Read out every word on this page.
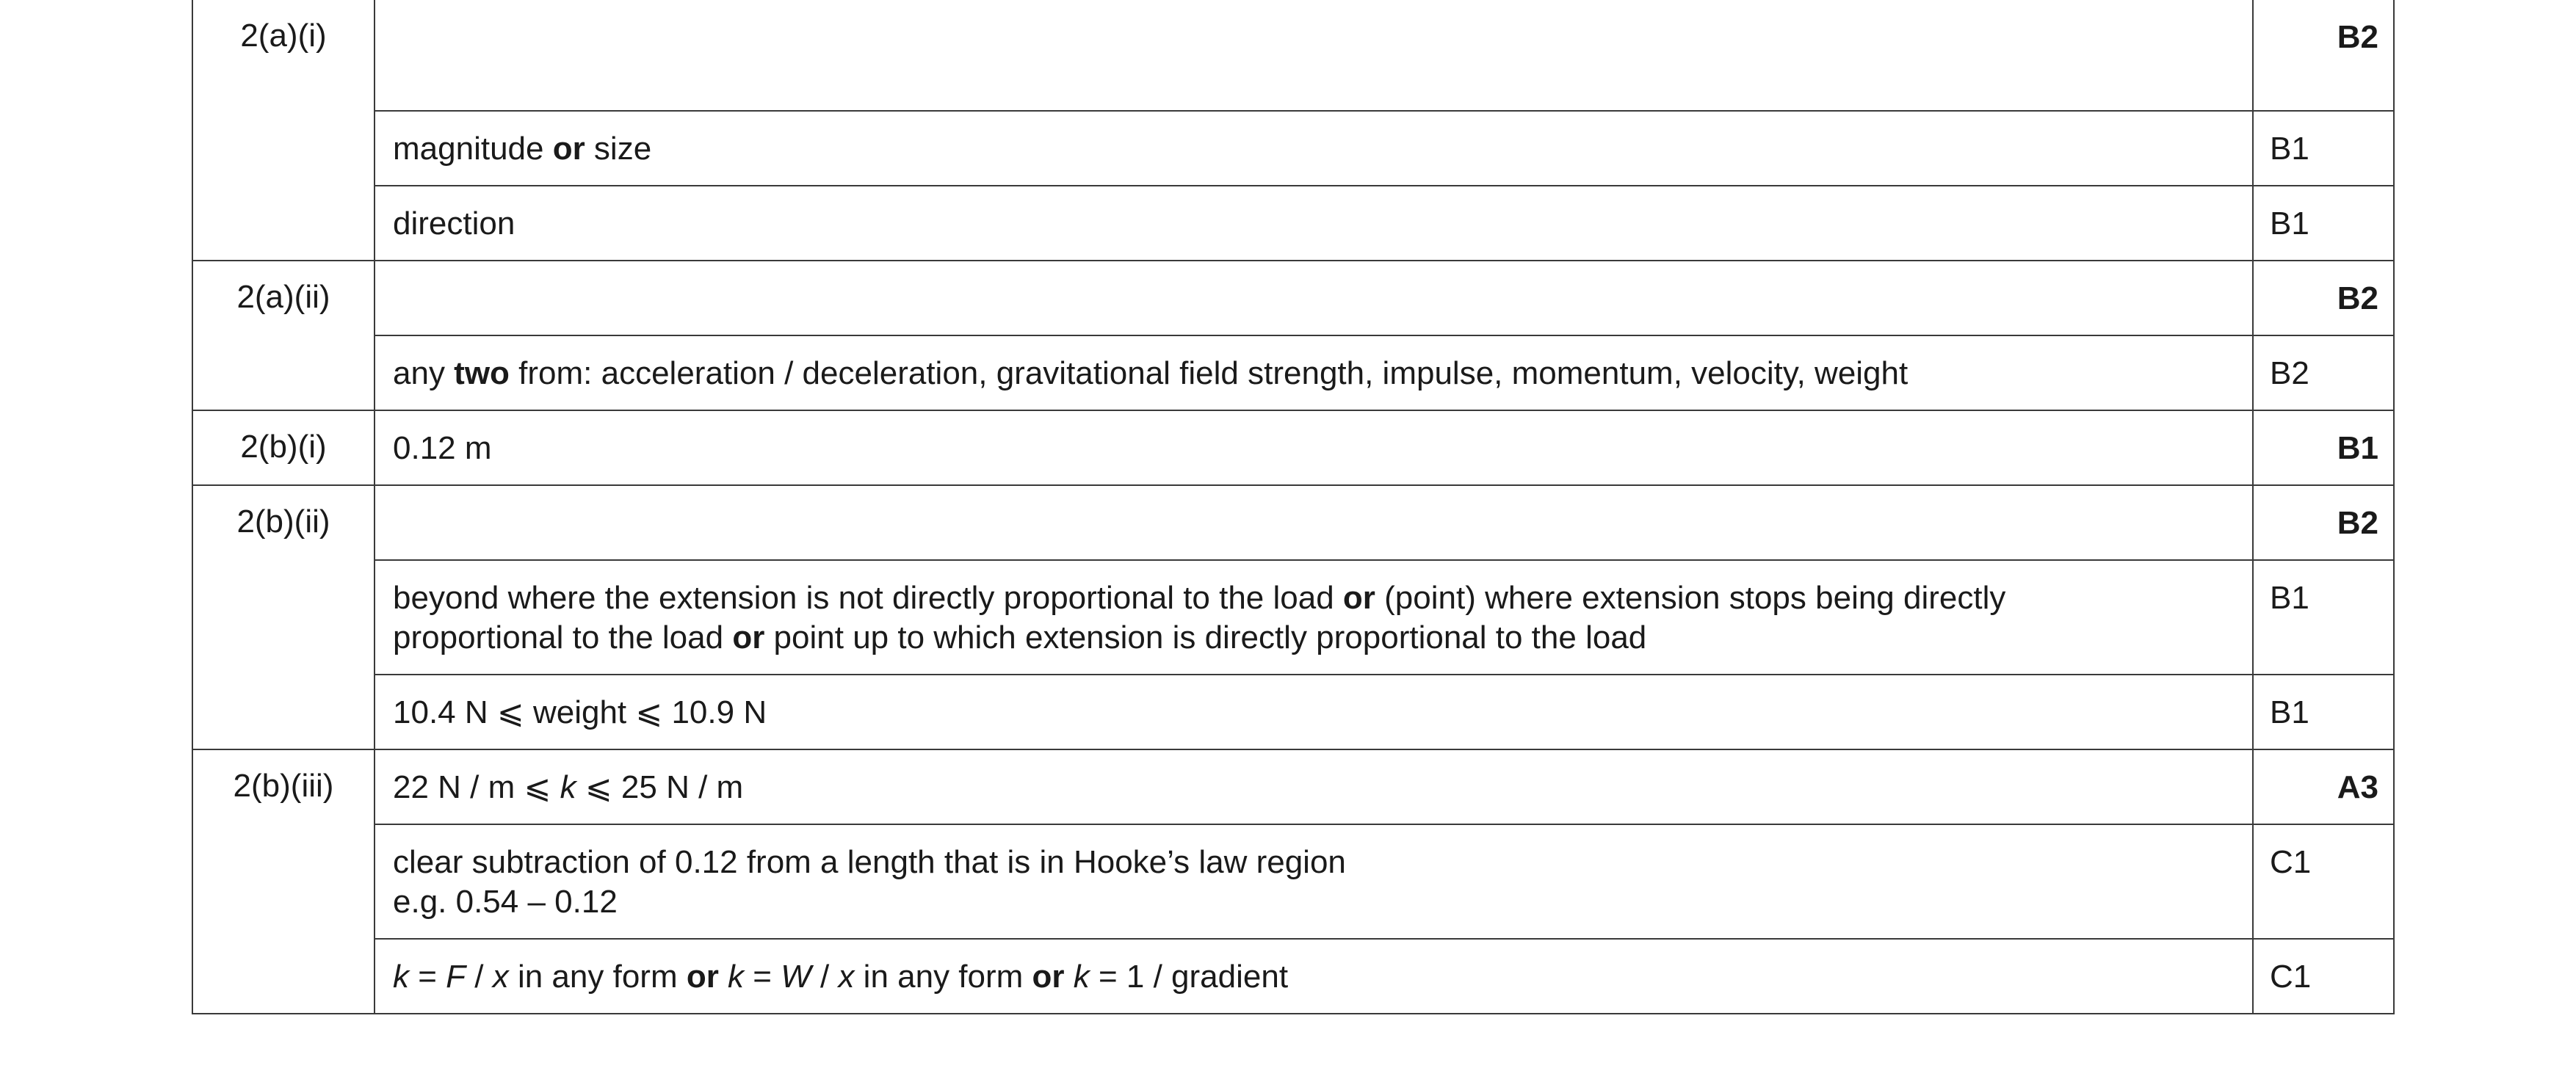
2(a)(i)		B2
	magnitude or size	B1
	direction	B1
2(a)(ii)		B2
	any two from: acceleration / deceleration, gravitational field strength, impulse, momentum, velocity, weight	B2
2(b)(i)	0.12 m	B1
2(b)(ii)		B2

	beyond where the extension is not directly proportional to the load or (point) where extension stops being directly
proportional to the load or point up to which extension is directly proportional to the load	B1
	10.4 N ⩽ weight ⩽ 10.9 N	B1
2(b)(iii)	22 N / m ⩽ k ⩽ 25 N / m	A3

	clear subtraction of 0.12 from a length that is in Hooke’s law region
e.g. 0.54 – 0.12	C1
	k = F / x in any form or k = W / x in any form or k = 1 / gradient	C1
